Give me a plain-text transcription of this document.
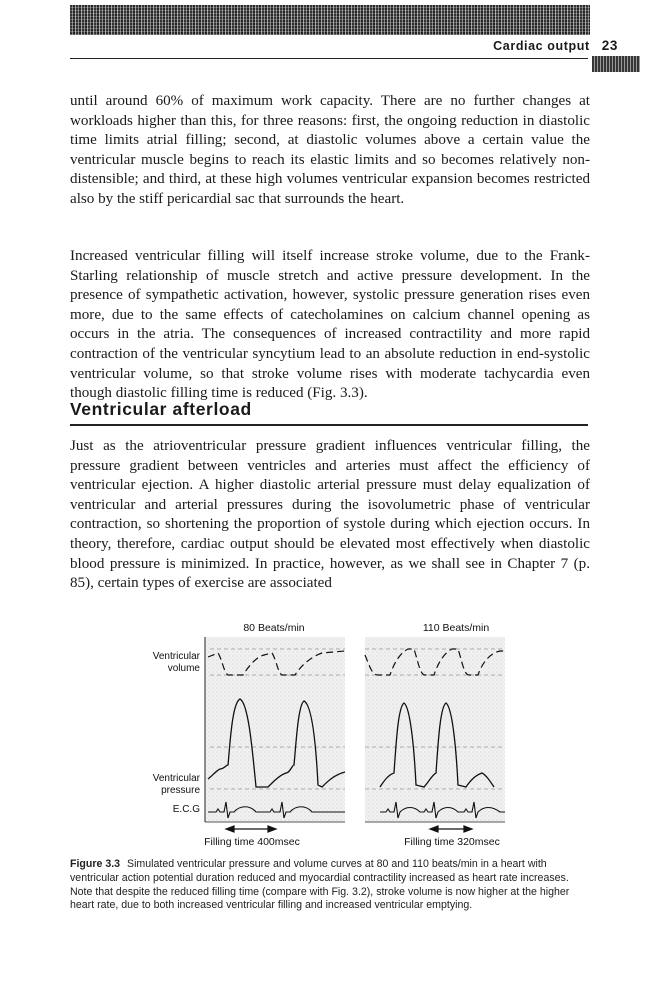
Cardiac output 23

until around 60% of maximum work capacity. There are no further changes at workloads higher than this, for three reasons: first, the ongoing reduction in diastolic time limits atrial filling; second, at diastolic volumes above a certain value the ventricular muscle begins to reach its elastic limits and so becomes relatively non-distensible; and third, at these high volumes ventricular expansion becomes restricted also by the stiff pericardial sac that surrounds the heart.

Increased ventricular filling will itself increase stroke volume, due to the Frank-Starling relationship of muscle stretch and active pressure development. In the presence of sympathetic activation, however, systolic pressure generation rises even more, due to the same effects of catecholamines on calcium channel opening as occurs in the atria. The consequences of increased contractility and more rapid contraction of the ventricular syncytium lead to an absolute reduction in end-systolic ventricular volume, so that stroke volume rises with moderate tachycardia even though diastolic filling time is reduced (Fig. 3.3).

Ventricular afterload

Just as the atrioventricular pressure gradient influences ventricular filling, the pressure gradient between ventricles and arteries must affect the efficiency of ventricular ejection. A higher diastolic arterial pressure must delay equalization of ventricular and arterial pressures during the isovolumetric phase of ventricular contraction, so shortening the proportion of systole during which ejection occurs. In theory, therefore, cardiac output should be elevated most effectively when diastolic blood pressure is minimized. In practice, however, as we shall see in Chapter 7 (p. 85), certain types of exercise are associated

80 Beats/min	110 Beats/min
Ventricular volume
Ventricular pressure
E.C.G
Filling time 400msec	Filling time 320msec

Figure 3.3 Simulated ventricular pressure and volume curves at 80 and 110 beats/min in a heart with ventricular action potential duration reduced and myocardial contractility increased as heart rate increases. Note that despite the reduced filling time (compare with Fig. 3.2), stroke volume is now higher at the higher heart rate, due to both increased ventricular filling and increased ventricular emptying.
